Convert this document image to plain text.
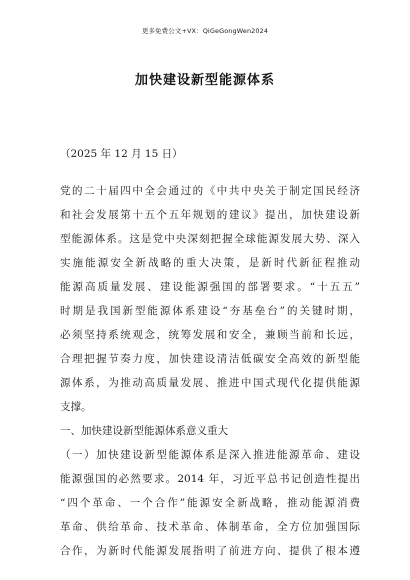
更多免费公文+VX：QiGeGongWen2024
加快建设新型能源体系
（2025 年 12 月 15 日）
党的二十届四中全会通过的《中共中央关于制定国民经济
和社会发展第十五个五年规划的建议》提出，加快建设新
型能源体系。这是党中央深刻把握全球能源发展大势、深入
实施能源安全新战略的重大决策，是新时代新征程推动
能源高质量发展、建设能源强国的部署要求。“十五五”
时期是我国新型能源体系建设“夯基垒台”的关键时期，
必须坚持系统观念，统筹发展和安全，兼顾当前和长远，
合理把握节奏力度，加快建设清洁低碳安全高效的新型能
源体系，为推动高质量发展、推进中国式现代化提供能源
支撑。
一、加快建设新型能源体系意义重大
（一）加快建设新型能源体系是深入推进能源革命、建设
能源强国的必然要求。2014 年，习近平总书记创造性提出
“四个革命、一个合作”能源安全新战略，推动能源消费
革命、供给革命、技术革命、体制革命，全方位加强国际
合作，为新时代能源发展指明了前进方向、提供了根本遵
